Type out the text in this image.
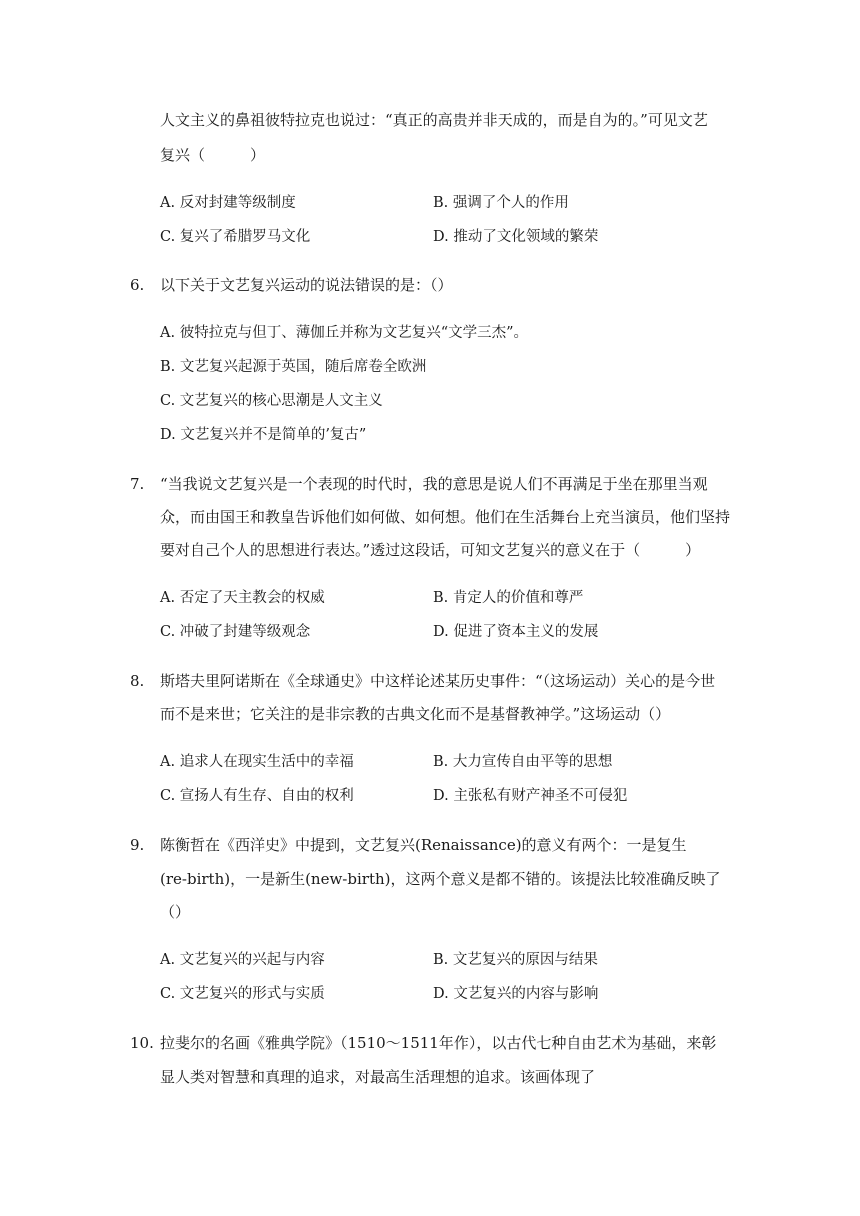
人文主义的鼻祖彼特拉克也说过：“真正的高贵并非天成的，而是自为的。”可见文艺
复兴（　　　）
A. 反对封建等级制度	B. 强调了个人的作用
C. 复兴了希腊罗马文化	D. 推动了文化领域的繁荣
6. 以下关于文艺复兴运动的说法错误的是：（）
A. 彼特拉克与但丁、薄伽丘并称为文艺复兴“文学三杰”。
B. 文艺复兴起源于英国，随后席卷全欧洲
C. 文艺复兴的核心思潮是人文主义
D. 文艺复兴并不是简单的’复古”
7. “当我说文艺复兴是一个表现的时代时，我的意思是说人们不再满足于坐在那里当观
众，而由国王和教皇告诉他们如何做、如何想。他们在生活舞台上充当演员，他们坚持
要对自己个人的思想进行表达。”透过这段话，可知文艺复兴的意义在于（　　　）
A. 否定了天主教会的权威	B. 肯定人的价值和尊严
C. 冲破了封建等级观念	D. 促进了资本主义的发展
8. 斯塔夫里阿诺斯在《全球通史》中这样论述某历史事件：“（这场运动）关心的是今世
而不是来世；它关注的是非宗教的古典文化而不是基督教神学。”这场运动（）
A. 追求人在现实生活中的幸福	B. 大力宣传自由平等的思想
C. 宣扬人有生存、自由的权利	D. 主张私有财产神圣不可侵犯
9. 陈衡哲在《西洋史》中提到，文艺复兴(Renaissance)的意义有两个：一是复生
(re-birth)，一是新生(new-birth)，这两个意义是都不错的。该提法比较准确反映了
（）
A. 文艺复兴的兴起与内容	B. 文艺复兴的原因与结果
C. 文艺复兴的形式与实质	D. 文艺复兴的内容与影响
10. 拉斐尔的名画《雅典学院》（1510～1511年作），以古代七种自由艺术为基础，来彰
显人类对智慧和真理的追求，对最高生活理想的追求。该画体现了
